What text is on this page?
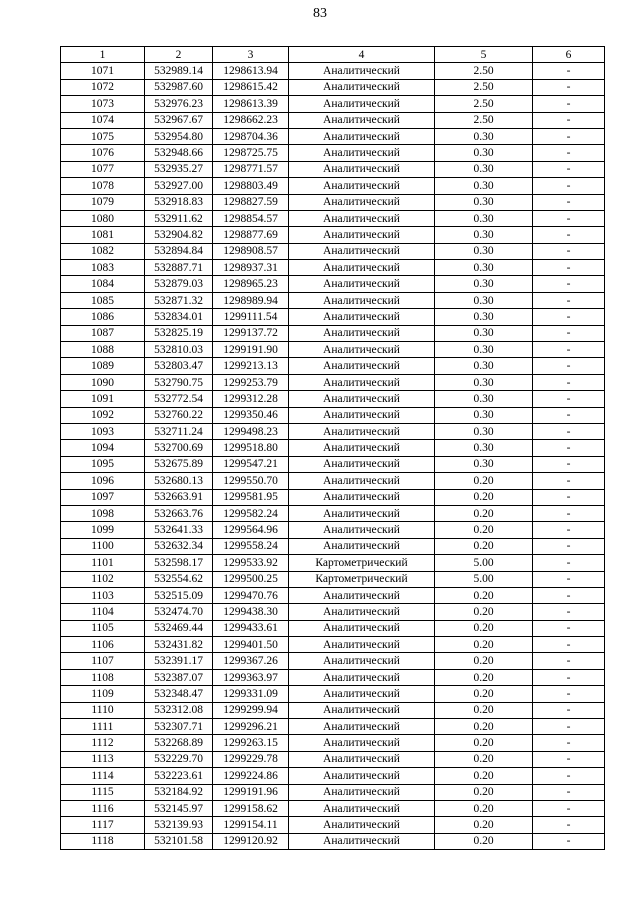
83
1	2	3	4	5	6
1071	532989.14	1298613.94	Аналитический	2.50	-
1072	532987.60	1298615.42	Аналитический	2.50	-
1073	532976.23	1298613.39	Аналитический	2.50	-
1074	532967.67	1298662.23	Аналитический	2.50	-
1075	532954.80	1298704.36	Аналитический	0.30	-
1076	532948.66	1298725.75	Аналитический	0.30	-
1077	532935.27	1298771.57	Аналитический	0.30	-
1078	532927.00	1298803.49	Аналитический	0.30	-
1079	532918.83	1298827.59	Аналитический	0.30	-
1080	532911.62	1298854.57	Аналитический	0.30	-
1081	532904.82	1298877.69	Аналитический	0.30	-
1082	532894.84	1298908.57	Аналитический	0.30	-
1083	532887.71	1298937.31	Аналитический	0.30	-
1084	532879.03	1298965.23	Аналитический	0.30	-
1085	532871.32	1298989.94	Аналитический	0.30	-
1086	532834.01	1299111.54	Аналитический	0.30	-
1087	532825.19	1299137.72	Аналитический	0.30	-
1088	532810.03	1299191.90	Аналитический	0.30	-
1089	532803.47	1299213.13	Аналитический	0.30	-
1090	532790.75	1299253.79	Аналитический	0.30	-
1091	532772.54	1299312.28	Аналитический	0.30	-
1092	532760.22	1299350.46	Аналитический	0.30	-
1093	532711.24	1299498.23	Аналитический	0.30	-
1094	532700.69	1299518.80	Аналитический	0.30	-
1095	532675.89	1299547.21	Аналитический	0.30	-
1096	532680.13	1299550.70	Аналитический	0.20	-
1097	532663.91	1299581.95	Аналитический	0.20	-
1098	532663.76	1299582.24	Аналитический	0.20	-
1099	532641.33	1299564.96	Аналитический	0.20	-
1100	532632.34	1299558.24	Аналитический	0.20	-
1101	532598.17	1299533.92	Картометрический	5.00	-
1102	532554.62	1299500.25	Картометрический	5.00	-
1103	532515.09	1299470.76	Аналитический	0.20	-
1104	532474.70	1299438.30	Аналитический	0.20	-
1105	532469.44	1299433.61	Аналитический	0.20	-
1106	532431.82	1299401.50	Аналитический	0.20	-
1107	532391.17	1299367.26	Аналитический	0.20	-
1108	532387.07	1299363.97	Аналитический	0.20	-
1109	532348.47	1299331.09	Аналитический	0.20	-
1110	532312.08	1299299.94	Аналитический	0.20	-
1111	532307.71	1299296.21	Аналитический	0.20	-
1112	532268.89	1299263.15	Аналитический	0.20	-
1113	532229.70	1299229.78	Аналитический	0.20	-
1114	532223.61	1299224.86	Аналитический	0.20	-
1115	532184.92	1299191.96	Аналитический	0.20	-
1116	532145.97	1299158.62	Аналитический	0.20	-
1117	532139.93	1299154.11	Аналитический	0.20	-
1118	532101.58	1299120.92	Аналитический	0.20	-
